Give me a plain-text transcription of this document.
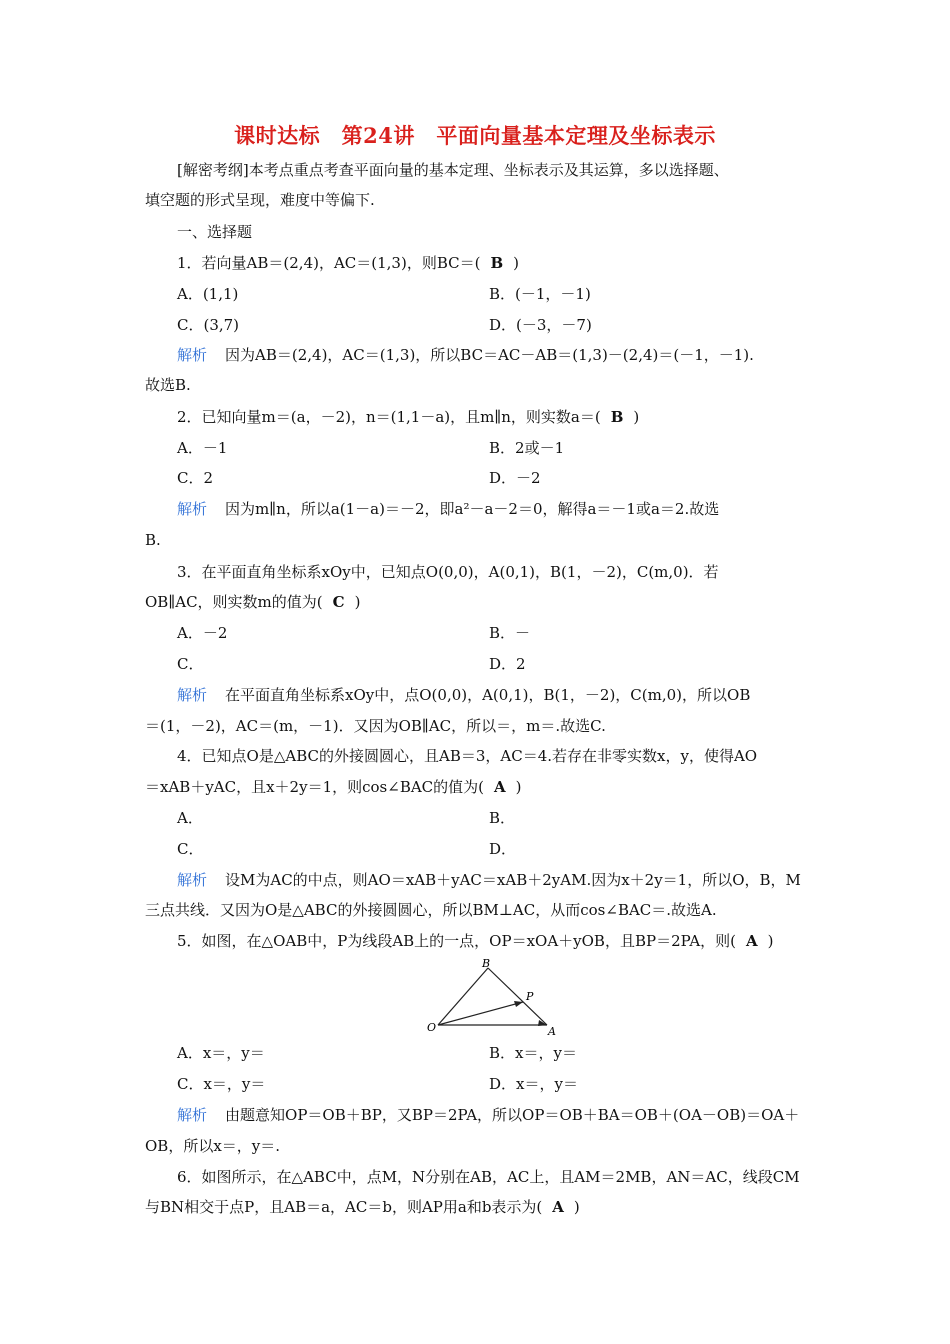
课时达标　第24讲　平面向量基本定理及坐标表示
[解密考纲]本考点重点考查平面向量的基本定理、坐标表示及其运算，多以选择题、
填空题的形式呈现，难度中等偏下.
一、选择题
1．若向量AB＝(2,4)，AC＝(1,3)，则BC＝( B )
A．(1,1)	B．(－1，－1)
C．(3,7)	D．(－3，－7)
解析 因为AB＝(2,4)，AC＝(1,3)，所以BC＝AC－AB＝(1,3)－(2,4)＝(－1，－1).
故选B.
2．已知向量m＝(a，－2)，n＝(1,1－a)，且m∥n，则实数a＝( B )
A．－1	B．2或－1
C．2	D．－2
解析 因为m∥n，所以a(1－a)＝－2，即a²－a－2＝0，解得a＝－1或a＝2.故选
B.
3．在平面直角坐标系xOy中，已知点O(0,0)，A(0,1)，B(1，－2)，C(m,0)．若
OB∥AC，则实数m的值为( C )
A．－2	B．－
C．	D．2
解析 在平面直角坐标系xOy中，点O(0,0)，A(0,1)，B(1，－2)，C(m,0)，所以OB
＝(1，－2)，AC＝(m，－1)．又因为OB∥AC，所以＝，m＝.故选C.
4．已知点O是△ABC的外接圆圆心，且AB＝3，AC＝4.若存在非零实数x，y，使得AO
＝xAB＋yAC，且x＋2y＝1，则cos∠BAC的值为( A )
A．	B．
C．	D．
解析 设M为AC的中点，则AO＝xAB＋yAC＝xAB＋2yAM.因为x＋2y＝1，所以O，B，M
三点共线．又因为O是△ABC的外接圆圆心，所以BM⊥AC，从而cos∠BAC＝.故选A.
5．如图，在△OAB中，P为线段AB上的一点，OP＝xOA＋yOB，且BP＝2PA，则( A )
B
P
O	A
A．x＝，y＝	B．x＝，y＝
C．x＝，y＝	D．x＝，y＝
解析 由题意知OP＝OB＋BP，又BP＝2PA，所以OP＝OB＋BA＝OB＋(OA－OB)＝OA＋
OB，所以x＝，y＝.
6．如图所示，在△ABC中，点M，N分别在AB，AC上，且AM＝2MB，AN＝AC，线段CM
与BN相交于点P，且AB＝a，AC＝b，则AP用a和b表示为( A )
